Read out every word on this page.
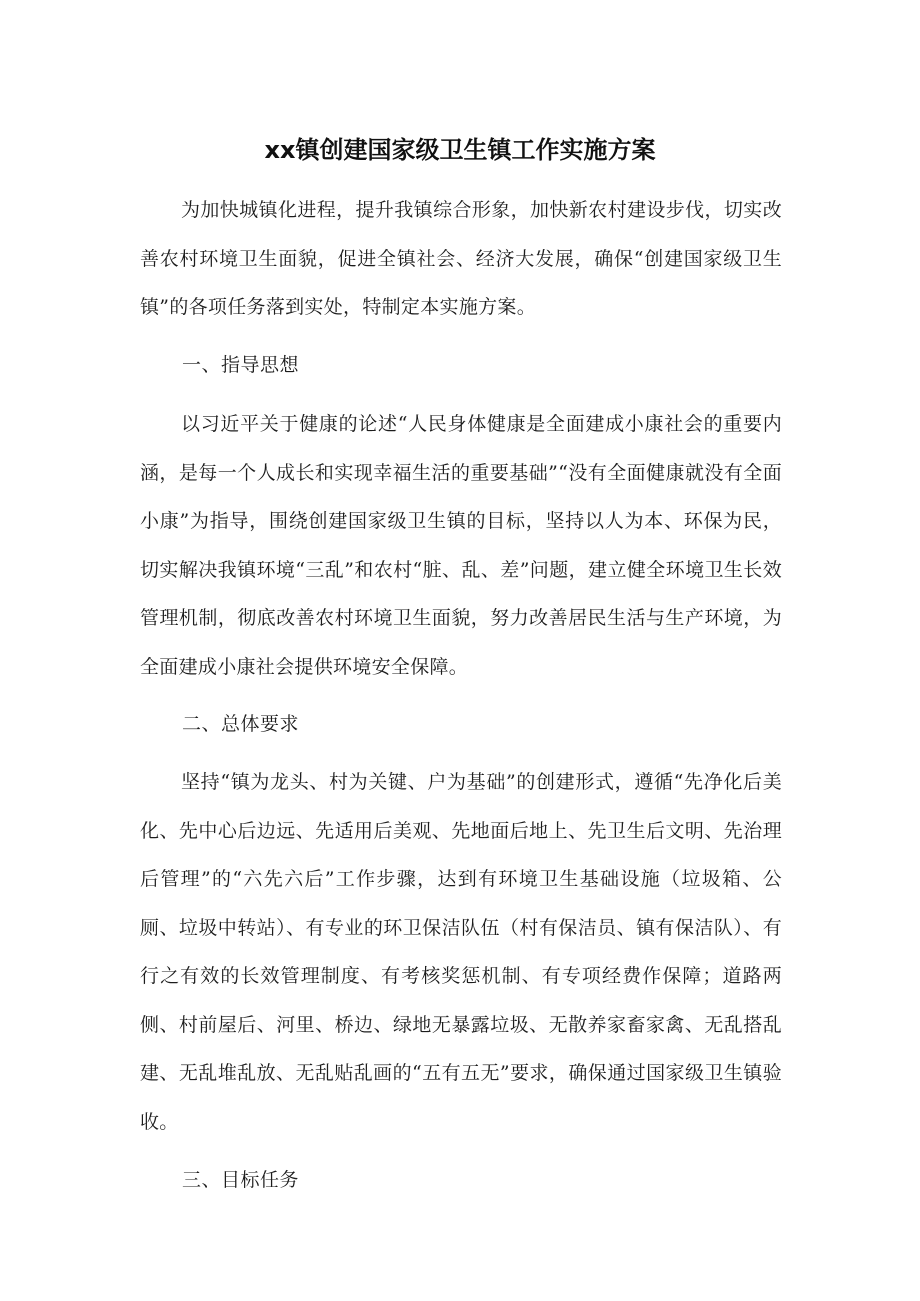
xx镇创建国家级卫生镇工作实施方案

为加快城镇化进程，提升我镇综合形象，加快新农村建设步伐，切实改善农村环境卫生面貌，促进全镇社会、经济大发展，确保“创建国家级卫生镇”的各项任务落到实处，特制定本实施方案。

一、指导思想

以习近平关于健康的论述“人民身体健康是全面建成小康社会的重要内涵，是每一个人成长和实现幸福生活的重要基础”“没有全面健康就没有全面小康”为指导，围绕创建国家级卫生镇的目标，坚持以人为本、环保为民，切实解决我镇环境“三乱”和农村“脏、乱、差”问题，建立健全环境卫生长效管理机制，彻底改善农村环境卫生面貌，努力改善居民生活与生产环境，为全面建成小康社会提供环境安全保障。

二、总体要求

坚持“镇为龙头、村为关键、户为基础”的创建形式，遵循“先净化后美化、先中心后边远、先适用后美观、先地面后地上、先卫生后文明、先治理后管理”的“六先六后”工作步骤，达到有环境卫生基础设施（垃圾箱、公厕、垃圾中转站）、有专业的环卫保洁队伍（村有保洁员、镇有保洁队）、有行之有效的长效管理制度、有考核奖惩机制、有专项经费作保障；道路两侧、村前屋后、河里、桥边、绿地无暴露垃圾、无散养家畜家禽、无乱搭乱建、无乱堆乱放、无乱贴乱画的“五有五无”要求，确保通过国家级卫生镇验收。

三、目标任务
